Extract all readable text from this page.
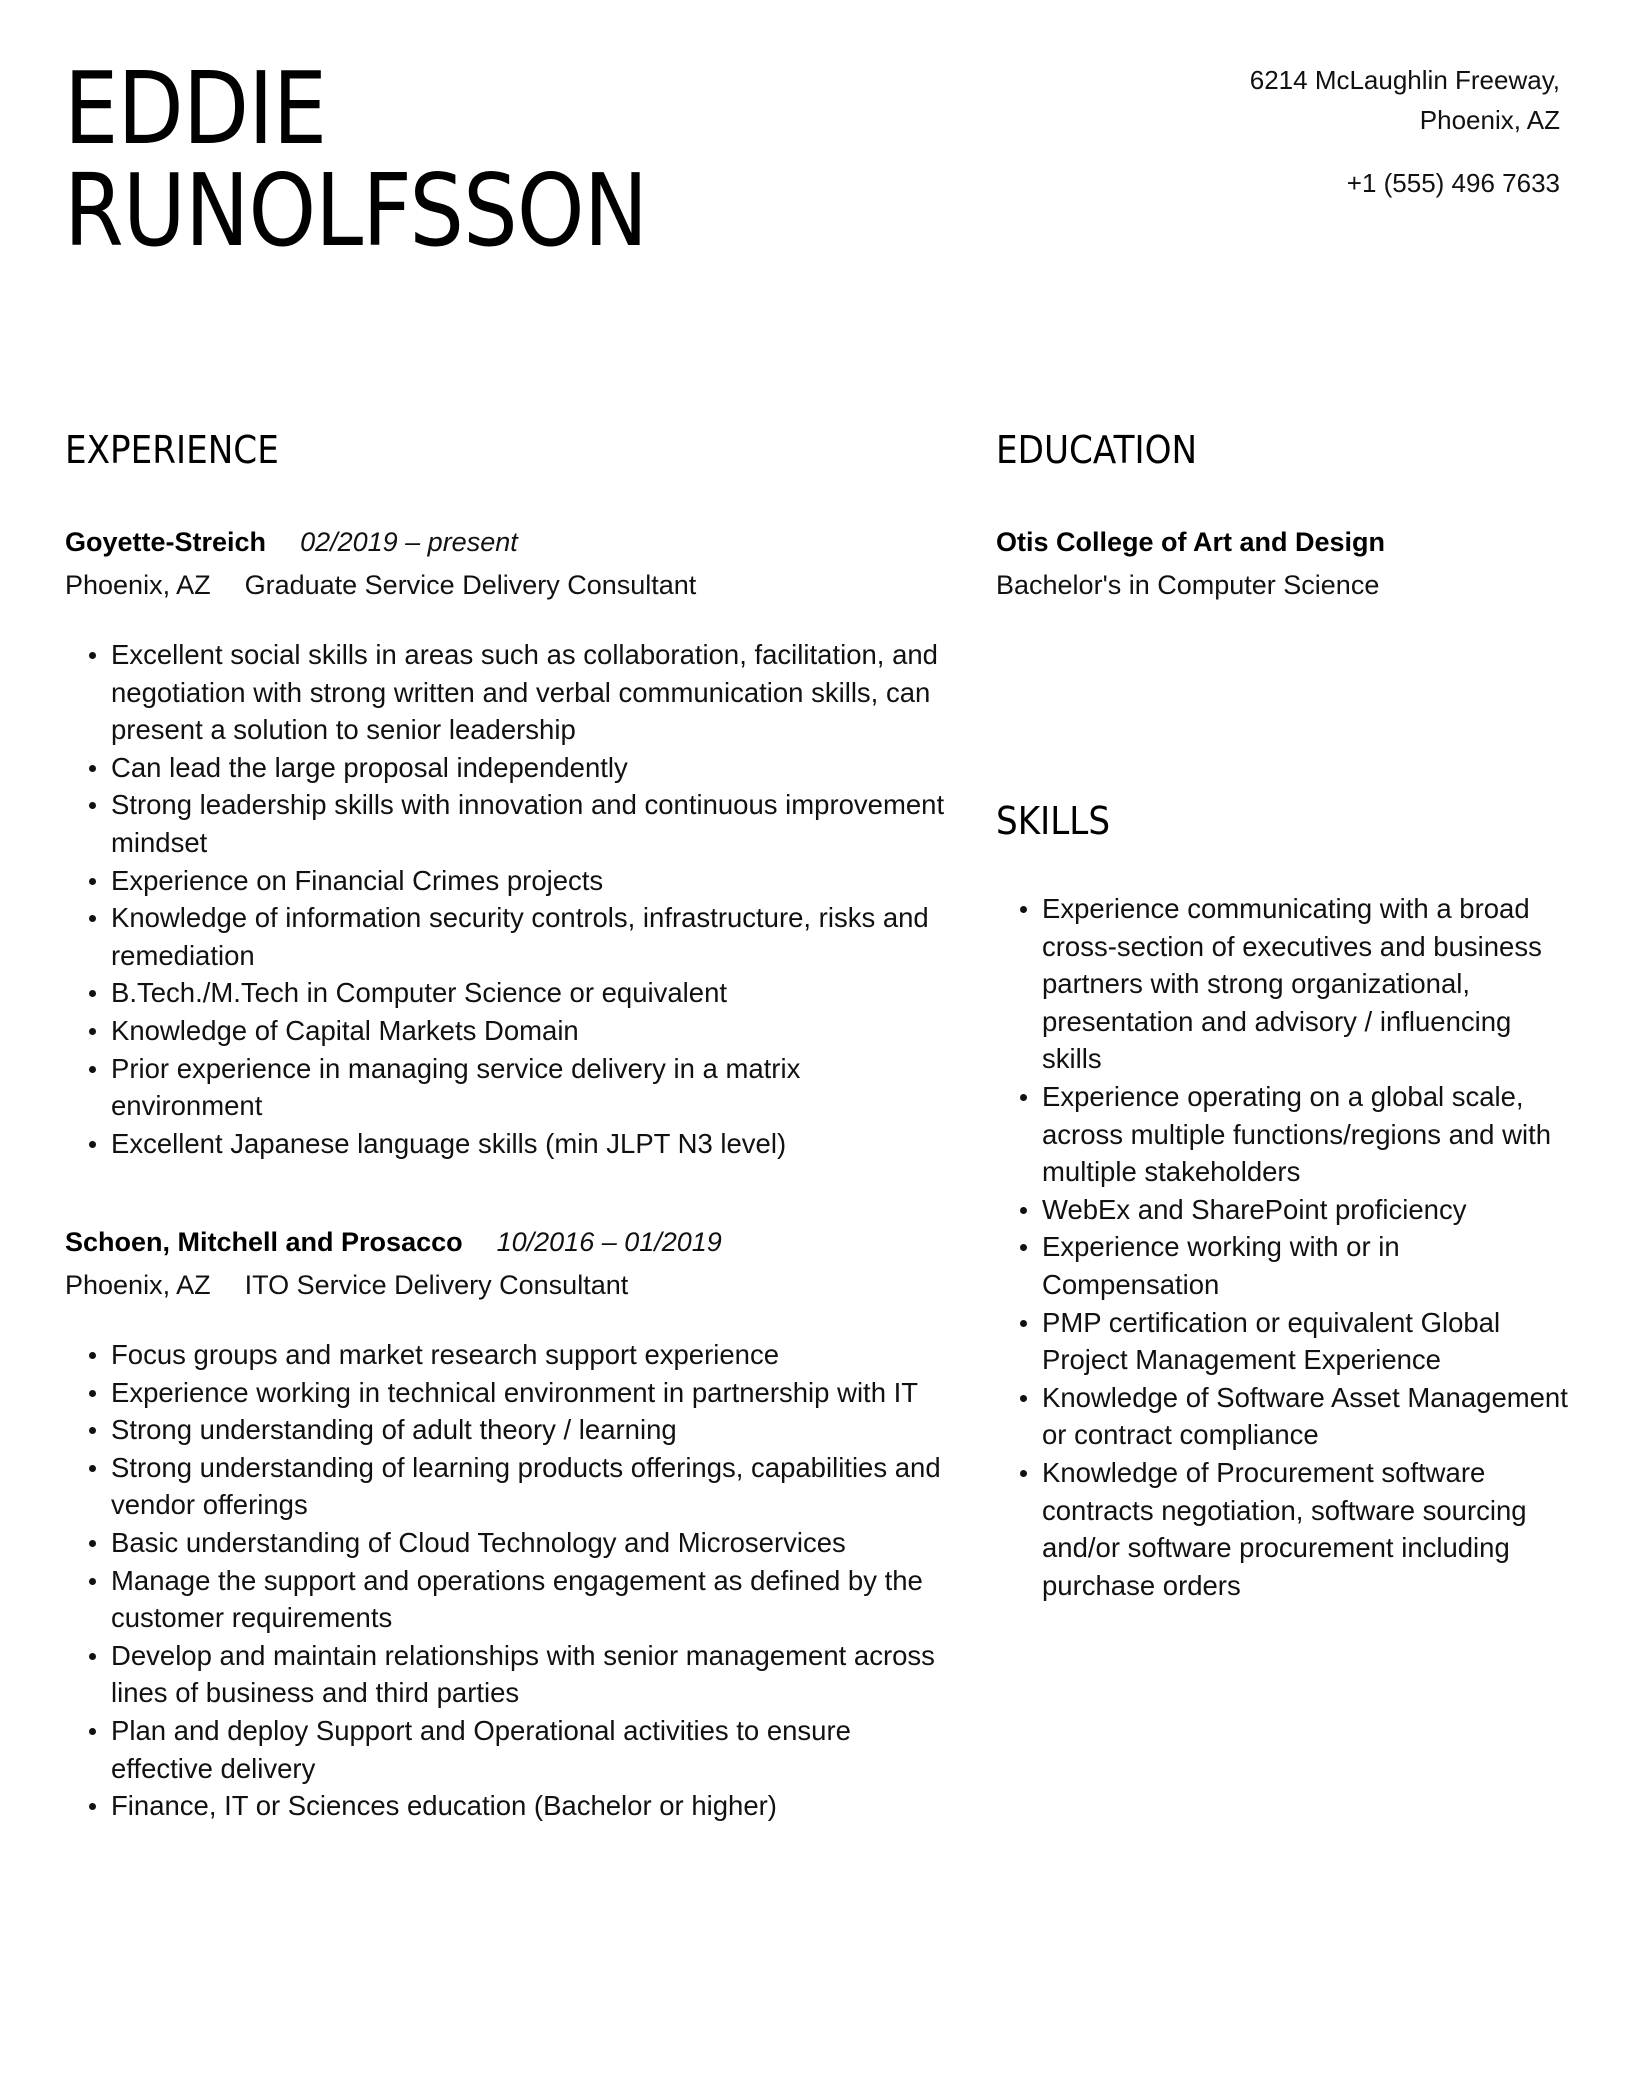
EDDIE
RUNOLFSSON
6214 McLaughlin Freeway,
Phoenix, AZ
+1 (555) 496 7633
EXPERIENCE
Goyette-Streich 02/2019 – present
Phoenix, AZ Graduate Service Delivery Consultant
Excellent social skills in areas such as collaboration, facilitation, and negotiation with strong written and verbal communication skills, can present a solution to senior leadership
Can lead the large proposal independently
Strong leadership skills with innovation and continuous improvement mindset
Experience on Financial Crimes projects
Knowledge of information security controls, infrastructure, risks and remediation
B.Tech./M.Tech in Computer Science or equivalent
Knowledge of Capital Markets Domain
Prior experience in managing service delivery in a matrix environment
Excellent Japanese language skills (min JLPT N3 level)
Schoen, Mitchell and Prosacco 10/2016 – 01/2019
Phoenix, AZ ITO Service Delivery Consultant
Focus groups and market research support experience
Experience working in technical environment in partnership with IT
Strong understanding of adult theory / learning
Strong understanding of learning products offerings, capabilities and vendor offerings
Basic understanding of Cloud Technology and Microservices
Manage the support and operations engagement as defined by the customer requirements
Develop and maintain relationships with senior management across lines of business and third parties
Plan and deploy Support and Operational activities to ensure effective delivery
Finance, IT or Sciences education (Bachelor or higher)
EDUCATION
Otis College of Art and Design
Bachelor's in Computer Science
SKILLS
Experience communicating with a broad cross-section of executives and business partners with strong organizational, presentation and advisory / influencing skills
Experience operating on a global scale, across multiple functions/regions and with multiple stakeholders
WebEx and SharePoint proficiency
Experience working with or in Compensation
PMP certification or equivalent Global Project Management Experience
Knowledge of Software Asset Management or contract compliance
Knowledge of Procurement software contracts negotiation, software sourcing and/or software procurement including purchase orders
